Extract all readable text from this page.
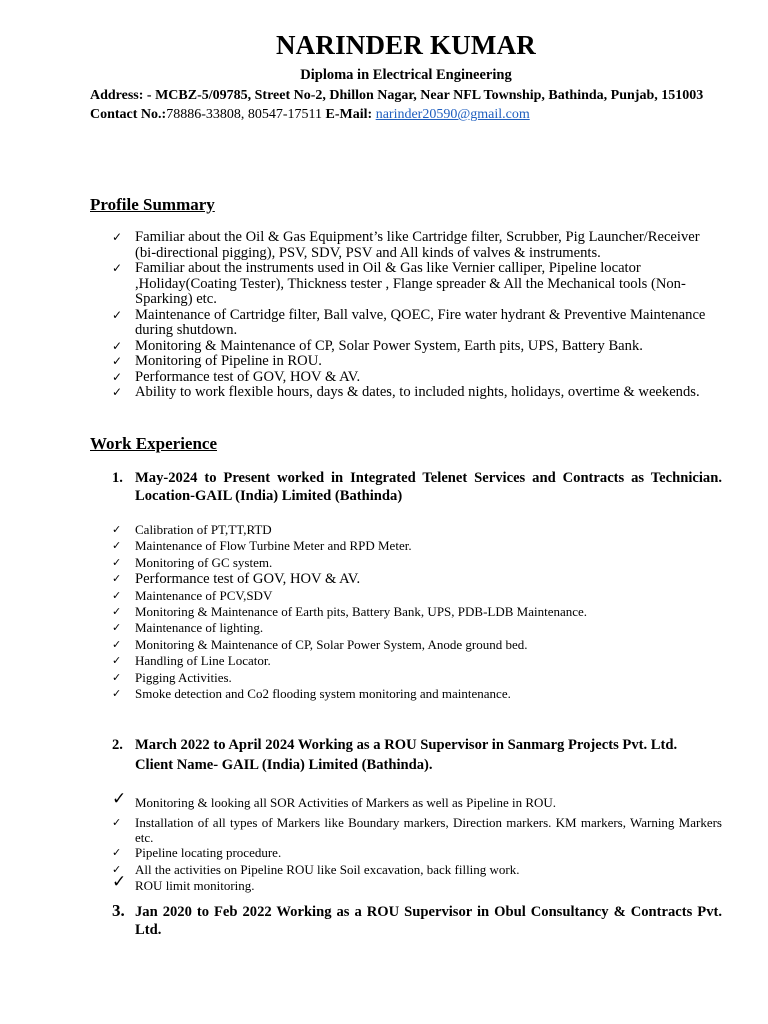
NARINDER KUMAR
Diploma in Electrical Engineering
Address: - MCBZ-5/09785, Street No-2, Dhillon Nagar, Near NFL Township, Bathinda, Punjab, 151003
Contact No.:78886-33808, 80547-17511 E-Mail: narinder20590@gmail.com
Profile Summary
✓ Familiar about the Oil & Gas Equipment’s like Cartridge filter, Scrubber, Pig Launcher/Receiver (bi-directional pigging), PSV, SDV, PSV and All kinds of valves & instruments.
✓ Familiar about the instruments used in Oil & Gas like Vernier calliper, Pipeline locator ,Holiday(Coating Tester), Thickness tester , Flange spreader & All the Mechanical tools (Non-Sparking) etc.
✓ Maintenance of Cartridge filter, Ball valve, QOEC, Fire water hydrant & Preventive Maintenance during shutdown.
✓ Monitoring & Maintenance of CP, Solar Power System, Earth pits, UPS, Battery Bank.
✓ Monitoring of Pipeline in ROU.
✓ Performance test of GOV, HOV & AV.
✓ Ability to work flexible hours, days & dates, to included nights, holidays, overtime & weekends.
Work Experience
1. May-2024 to Present worked in Integrated Telenet Services and Contracts as Technician. Location-GAIL (India) Limited (Bathinda)
✓ Calibration of PT,TT,RTD
✓ Maintenance of Flow Turbine Meter and RPD Meter.
✓ Monitoring of GC system.
✓ Performance test of GOV, HOV & AV.
✓ Maintenance of PCV,SDV
✓ Monitoring & Maintenance of Earth pits, Battery Bank, UPS, PDB-LDB Maintenance.
✓ Maintenance of lighting.
✓ Monitoring & Maintenance of CP, Solar Power System, Anode ground bed.
✓ Handling of Line Locator.
✓ Pigging Activities.
✓ Smoke detection and Co2 flooding system monitoring and maintenance.
2. March 2022 to April 2024 Working as a ROU Supervisor in Sanmarg Projects Pvt. Ltd.
Client Name- GAIL (India) Limited (Bathinda).
✓ Monitoring & looking all SOR Activities of Markers as well as Pipeline in ROU.
✓ Installation of all types of Markers like Boundary markers, Direction markers. KM markers, Warning Markers etc.
✓ Pipeline locating procedure.
✓ All the activities on Pipeline ROU like Soil excavation, back filling work.
✓ ROU limit monitoring.
3. Jan 2020 to Feb 2022 Working as a ROU Supervisor in Obul Consultancy & Contracts Pvt. Ltd.
